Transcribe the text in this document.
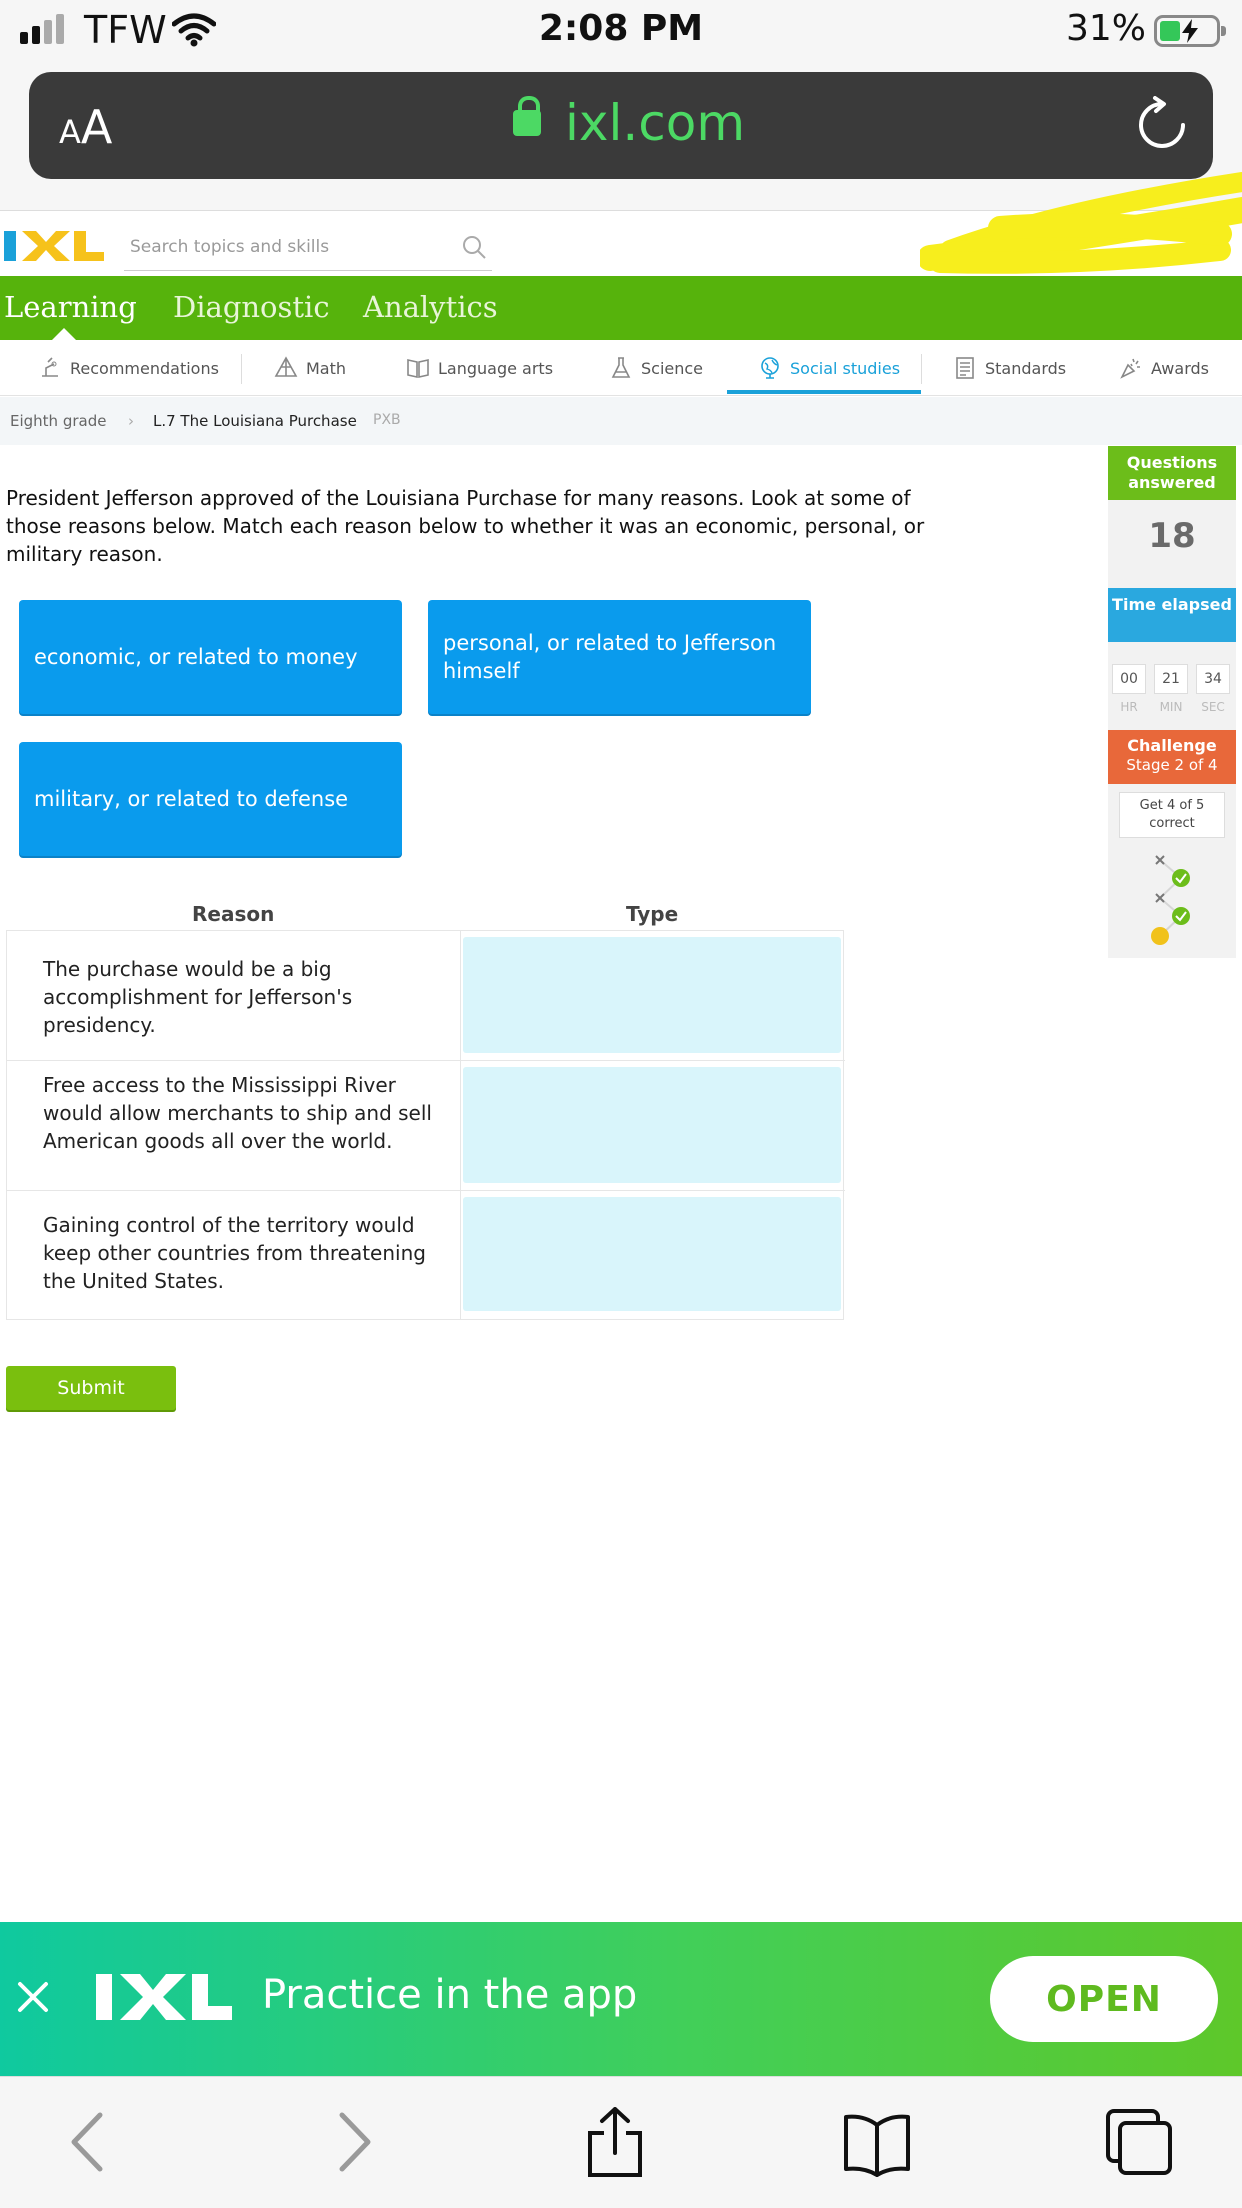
TFW	2:08 PM	31%
AA	ixl.com
Search topics and skills
Learning Diagnostic Analytics
Recommendations	Math	Language arts	Science	Social studies	Standards	Awards
Eighth grade › L.7 The Louisiana Purchase PXB

President Jefferson approved of the Louisiana Purchase for many reasons. Look at some of those reasons below. Match each reason below to whether it was an economic, personal, or military reason.

economic, or related to money
personal, or related to Jefferson himself
military, or related to defense
Reason	Type

The purchase would be a big accomplishment for Jefferson's presidency.

Free access to the Mississippi River would allow merchants to ship and sell American goods all over the world.

Gaining control of the territory would keep other countries from threatening the United States.

Submit
Questions answered
18
Time elapsed
00	21	34
HR	MIN	SEC
Challenge
Stage 2 of 4
Get 4 of 5 correct
Practice in the app	OPEN
